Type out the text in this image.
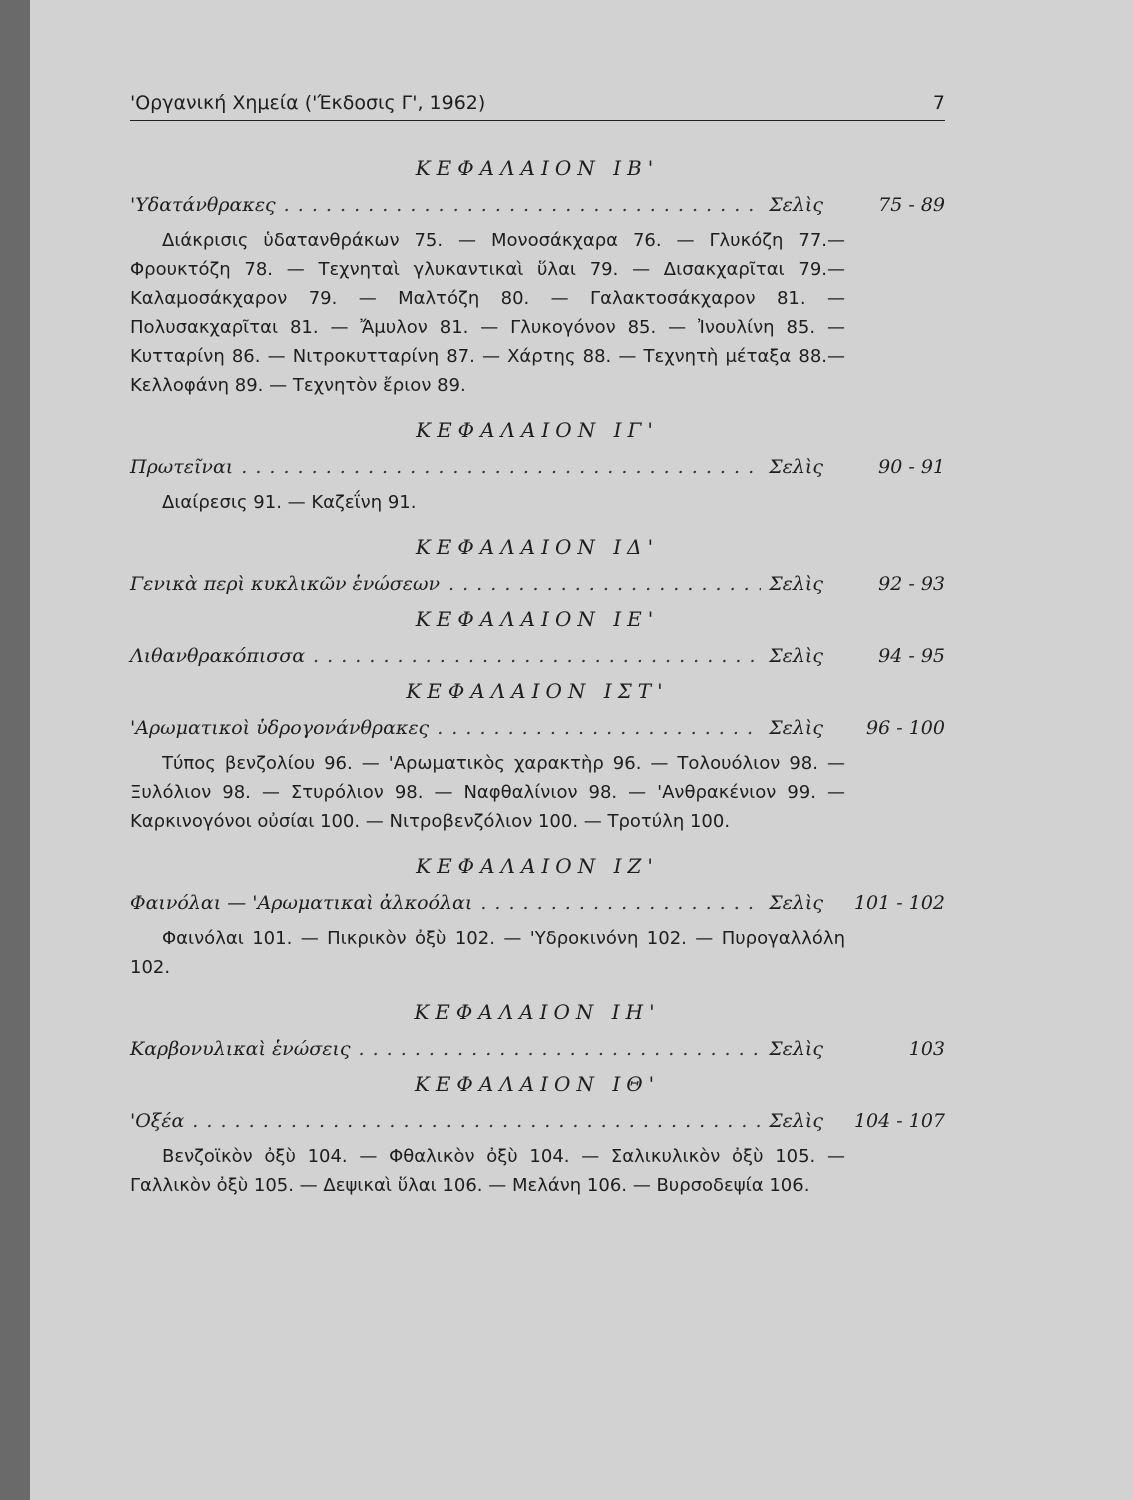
'Οργανική Χημεία ('Έκδοσις Γ', 1962)	7
ΚΕΦΑΛΑΙΟΝ ΙΒ'
'Υδατάνθρακες . . .	Σελὶς	75 - 89

Διάκρισις ὑδατανθράκων 75. — Μονοσάκχαρα 76. — Γλυκόζη 77.— Φρουκτόζη 78. — Τεχνηταὶ γλυκαντικαὶ ὕλαι 79. — Δισακχαρῖται 79.— Καλαμοσάκχαρον 79. — Μαλτόζη 80. — Γαλακτοσάκχαρον 81. — Πολυσακχαρῖται 81. — Ἄμυλον 81. — Γλυκογόνον 85. — Ἰνουλίνη 85. — Κυτταρίνη 86. — Νιτροκυτταρίνη 87. — Χάρτης 88. — Τεχνητὴ μέταξα 88.— Κελλοφάνη 89. — Τεχνητὸν ἔριον 89.

ΚΕΦΑΛΑΙΟΝ ΙΓ'
Πρωτεῖναι . . .	Σελὶς	90 - 91

Διαίρεσις 91. — Καζεΐνη 91.

ΚΕΦΑΛΑΙΟΝ ΙΔ'
Γενικὰ περὶ κυκλικῶν ἑνώσεων . . .	Σελὶς	92 - 93
ΚΕΦΑΛΑΙΟΝ ΙΕ'
Λιθανθρακόπισσα . . .	Σελὶς	94 - 95
ΚΕΦΑΛΑΙΟΝ ΙΣΤ'
'Αρωματικοὶ ὑδρογονάνθρακες . . .	Σελὶς	96 - 100

Τύπος βενζολίου 96. — 'Αρωματικὸς χαρακτὴρ 96. — Τολουόλιον 98. — Ξυλόλιον 98. — Στυρόλιον 98. — Ναφθαλίνιον 98. — 'Ανθρακένιον 99. — Καρκινογόνοι οὐσίαι 100. — Νιτροβενζόλιον 100. — Τροτύλη 100.

ΚΕΦΑΛΑΙΟΝ ΙΖ'
Φαινόλαι — 'Αρωματικαὶ ἀλκοόλαι . . .	Σελὶς	101 - 102

Φαινόλαι 101. — Πικρικὸν ὀξὺ 102. — 'Υδροκινόνη 102. — Πυρογαλλόλη 102.

ΚΕΦΑΛΑΙΟΝ ΙΗ'
Καρβονυλικαὶ ἑνώσεις . . .	Σελὶς	103
ΚΕΦΑΛΑΙΟΝ ΙΘ'
'Οξέα . . .	Σελὶς	104 - 107

Βενζοϊκὸν ὀξὺ 104. — Φθαλικὸν ὀξὺ 104. — Σαλικυλικὸν ὀξὺ 105. — Γαλλικὸν ὀξὺ 105. — Δεψικαὶ ὕλαι 106. — Μελάνη 106. — Βυρσοδεψία 106.
